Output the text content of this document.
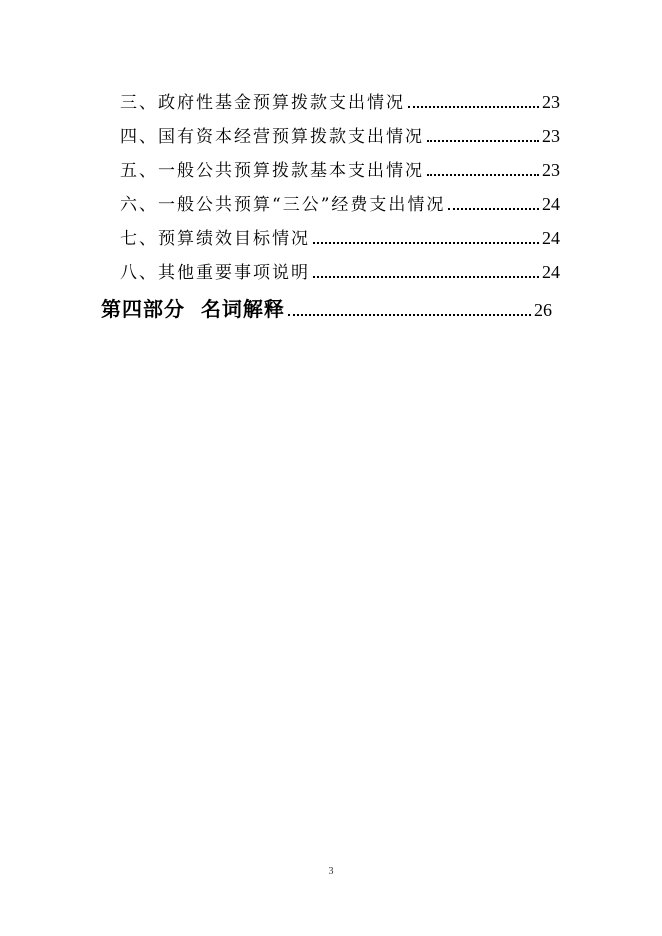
三、政府性基金预算拨款支出情况	23
四、国有资本经营预算拨款支出情况	23
五、一般公共预算拨款基本支出情况	23
六、一般公共预算“三公”经费支出情况	24
七、预算绩效目标情况	24
八、其他重要事项说明	24
第四部分  名词解释	26
3
